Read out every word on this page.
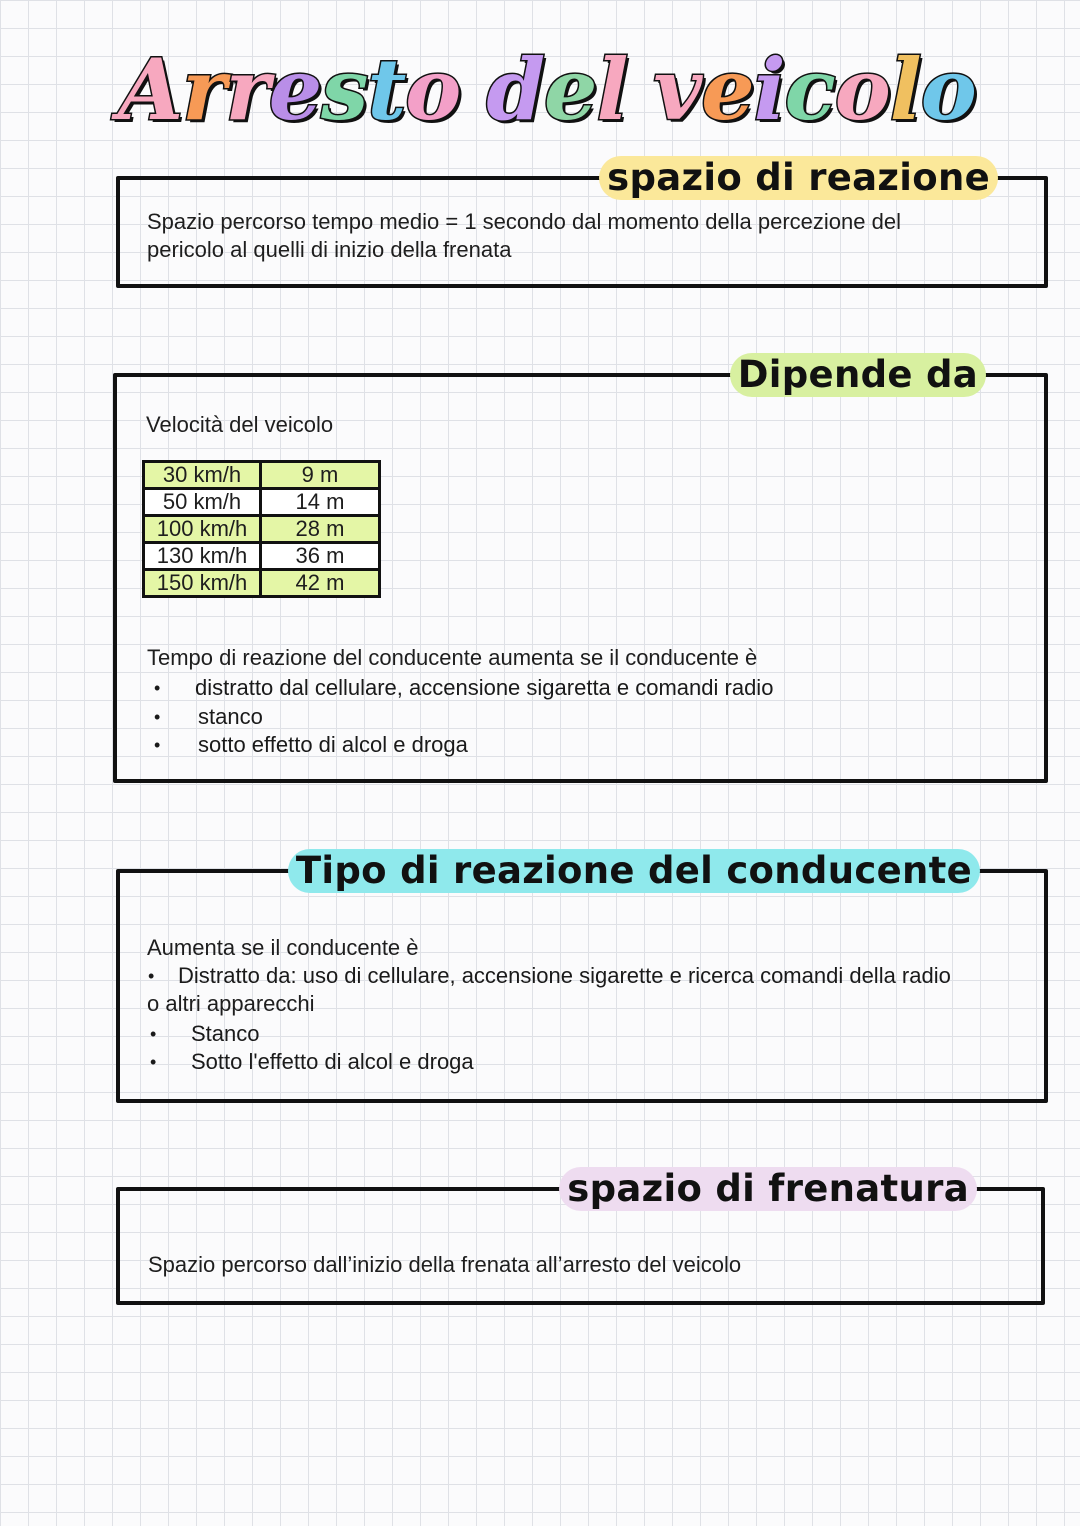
Arresto del veicolo
spazio di reazione
Spazio percorso tempo medio = 1 secondo dal momento della percezione del
pericolo al quelli di inizio della frenata
Dipende da
Velocità del veicolo
30 km/h	9 m
50 km/h	14 m
100 km/h	28 m
130 km/h	36 m
150 km/h	42 m
Tempo di reazione del conducente aumenta se il conducente è
• distratto dal cellulare, accensione sigaretta e comandi radio
• stanco
• sotto effetto di alcol e droga
Tipo di reazione del conducente
Aumenta se il conducente è
• Distratto da: uso di cellulare, accensione sigarette e ricerca comandi della radio
o altri apparecchi
• Stanco
• Sotto l'effetto di alcol e droga
spazio di frenatura
Spazio percorso dall’inizio della frenata all’arresto del veicolo
